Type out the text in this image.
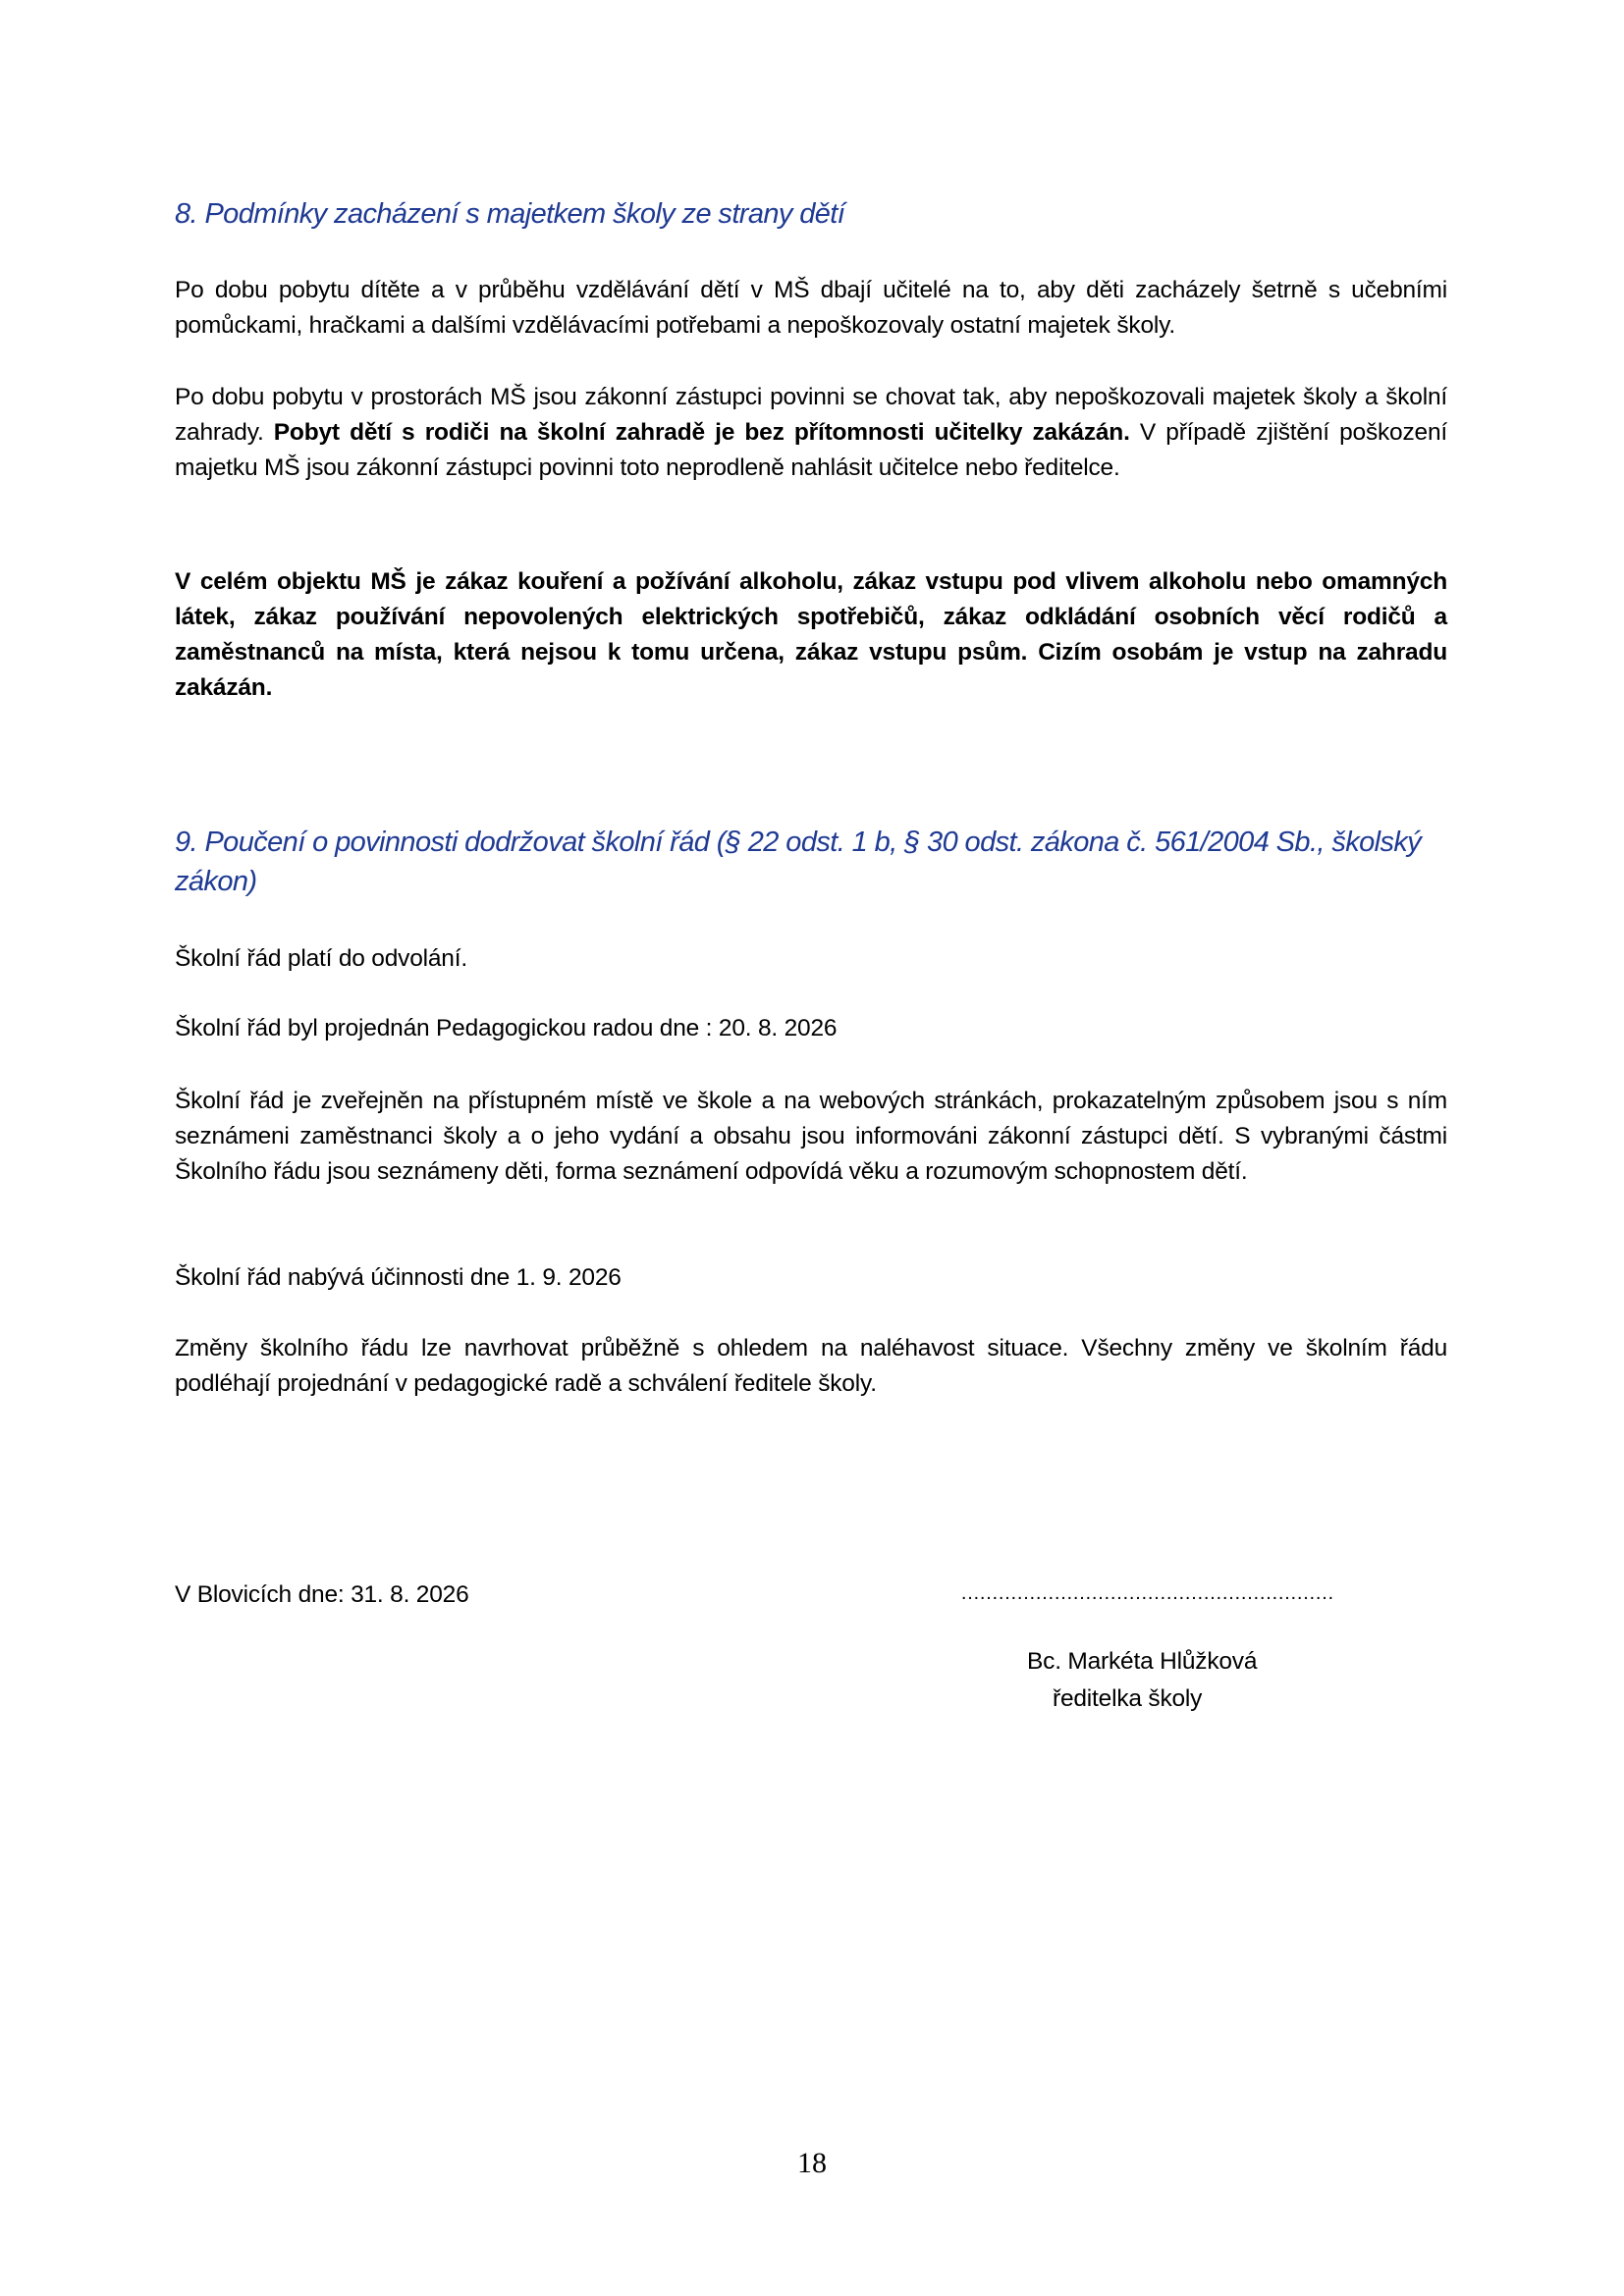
8. Podmínky zacházení s majetkem školy ze strany dětí

Po dobu pobytu dítěte a v průběhu vzdělávání dětí v MŠ dbají učitelé na to, aby děti zacházely šetrně s učebními pomůckami, hračkami a dalšími vzdělávacími potřebami a nepoškozovaly ostatní majetek školy.

Po dobu pobytu v prostorách MŠ jsou zákonní zástupci povinni se chovat tak, aby nepoškozovali majetek školy a školní zahrady. Pobyt dětí s rodiči na školní zahradě je bez přítomnosti učitelky zakázán. V případě zjištění poškození majetku MŠ jsou zákonní zástupci povinni toto neprodleně nahlásit učitelce nebo ředitelce.

V celém objektu MŠ je zákaz kouření a požívání alkoholu, zákaz vstupu pod vlivem alkoholu nebo omamných látek, zákaz používání nepovolených elektrických spotřebičů, zákaz odkládání osobních věcí rodičů a zaměstnanců na místa, která nejsou k tomu určena, zákaz vstupu psům. Cizím osobám je vstup na zahradu zakázán.

9. Poučení o povinnosti dodržovat školní řád (§ 22 odst. 1 b, § 30 odst. zákona č. 561/2004 Sb., školský zákon)

Školní řád platí do odvolání.

Školní řád byl projednán Pedagogickou radou dne : 20. 8. 2026

Školní řád je zveřejněn na přístupném místě ve škole a na webových stránkách, prokazatelným způsobem jsou s ním seznámeni zaměstnanci školy a o jeho vydání a obsahu jsou informováni zákonní zástupci dětí. S vybranými částmi Školního řádu jsou seznámeny děti, forma seznámení odpovídá věku a rozumovým schopnostem dětí.

Školní řád nabývá účinnosti dne 1. 9. 2026

Změny školního řádu lze navrhovat průběžně s ohledem na naléhavost situace. Všechny změny ve školním řádu podléhají projednání v pedagogické radě a schválení ředitele školy.

V Blovicích dne: 31. 8. 2026	……………………………………………………

Bc. Markéta Hlůžková

ředitelka školy

18
